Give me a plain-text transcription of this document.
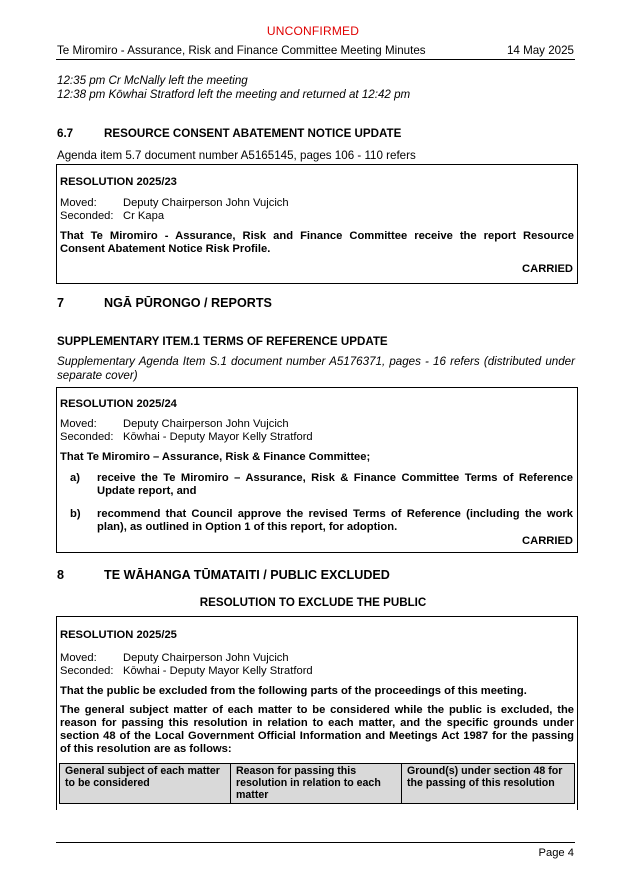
UNCONFIRMED
Te Miromiro - Assurance, Risk and Finance Committee Meeting Minutes	14 May 2025
12:35 pm Cr McNally left the meeting
12:38 pm Kōwhai Stratford left the meeting and returned at 12:42 pm
6.7	RESOURCE CONSENT ABATEMENT NOTICE UPDATE
Agenda item 5.7 document number A5165145, pages 106 - 110 refers
RESOLUTION 2025/23
Moved: Deputy Chairperson John Vujcich
Seconded: Cr Kapa
That Te Miromiro - Assurance, Risk and Finance Committee receive the report Resource Consent Abatement Notice Risk Profile.
CARRIED
7	NGĀ PŪRONGO / REPORTS
SUPPLEMENTARY ITEM.1 TERMS OF REFERENCE UPDATE
Supplementary Agenda Item S.1 document number A5176371, pages - 16 refers (distributed under separate cover)
RESOLUTION 2025/24
Moved: Deputy Chairperson John Vujcich
Seconded: Kōwhai - Deputy Mayor Kelly Stratford
That Te Miromiro – Assurance, Risk & Finance Committee;
a) receive the Te Miromiro – Assurance, Risk & Finance Committee Terms of Reference Update report, and
b) recommend that Council approve the revised Terms of Reference (including the work plan), as outlined in Option 1 of this report, for adoption.
CARRIED
8	TE WĀHANGA TŪMATAITI / PUBLIC EXCLUDED
RESOLUTION TO EXCLUDE THE PUBLIC
RESOLUTION 2025/25
Moved: Deputy Chairperson John Vujcich
Seconded: Kōwhai - Deputy Mayor Kelly Stratford
That the public be excluded from the following parts of the proceedings of this meeting.
The general subject matter of each matter to be considered while the public is excluded, the reason for passing this resolution in relation to each matter, and the specific grounds under section 48 of the Local Government Official Information and Meetings Act 1987 for the passing of this resolution are as follows:
General subject of each matter to be considered	Reason for passing this resolution in relation to each matter	Ground(s) under section 48 for the passing of this resolution
Page 4
